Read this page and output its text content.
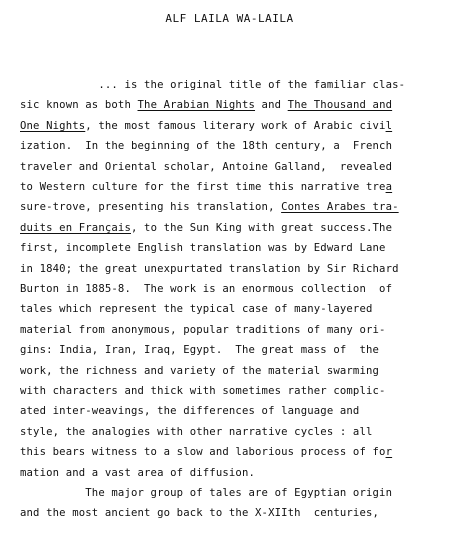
ALF LAILA WA-LAILA
... is the original title of the familiar clas-
sic known as both The Arabian Nights and The Thousand and
One Nights, the most famous literary work of Arabic civil
ization.  In the beginning of the 18th century, a  French
traveler and Oriental scholar, Antoine Galland,  revealed
to Western culture for the first time this narrative trea
sure-trove, presenting his translation, Contes Arabes tra-
duits en Français, to the Sun King with great success.The
first, incomplete English translation was by Edward Lane
in 1840; the great unexpurtated translation by Sir Richard
Burton in 1885-8.  The work is an enormous collection  of
tales which represent the typical case of many-layered
material from anonymous, popular traditions of many ori-
gins: India, Iran, Iraq, Egypt.  The great mass of  the
work, the richness and variety of the material swarming
with characters and thick with sometimes rather complic-
ated inter-weavings, the differences of language and
style, the analogies with other narrative cycles : all
this bears witness to a slow and laborious process of for
mation and a vast area of diffusion.
The major group of tales are of Egyptian origin
and the most ancient go back to the X-XIIth  centuries,
